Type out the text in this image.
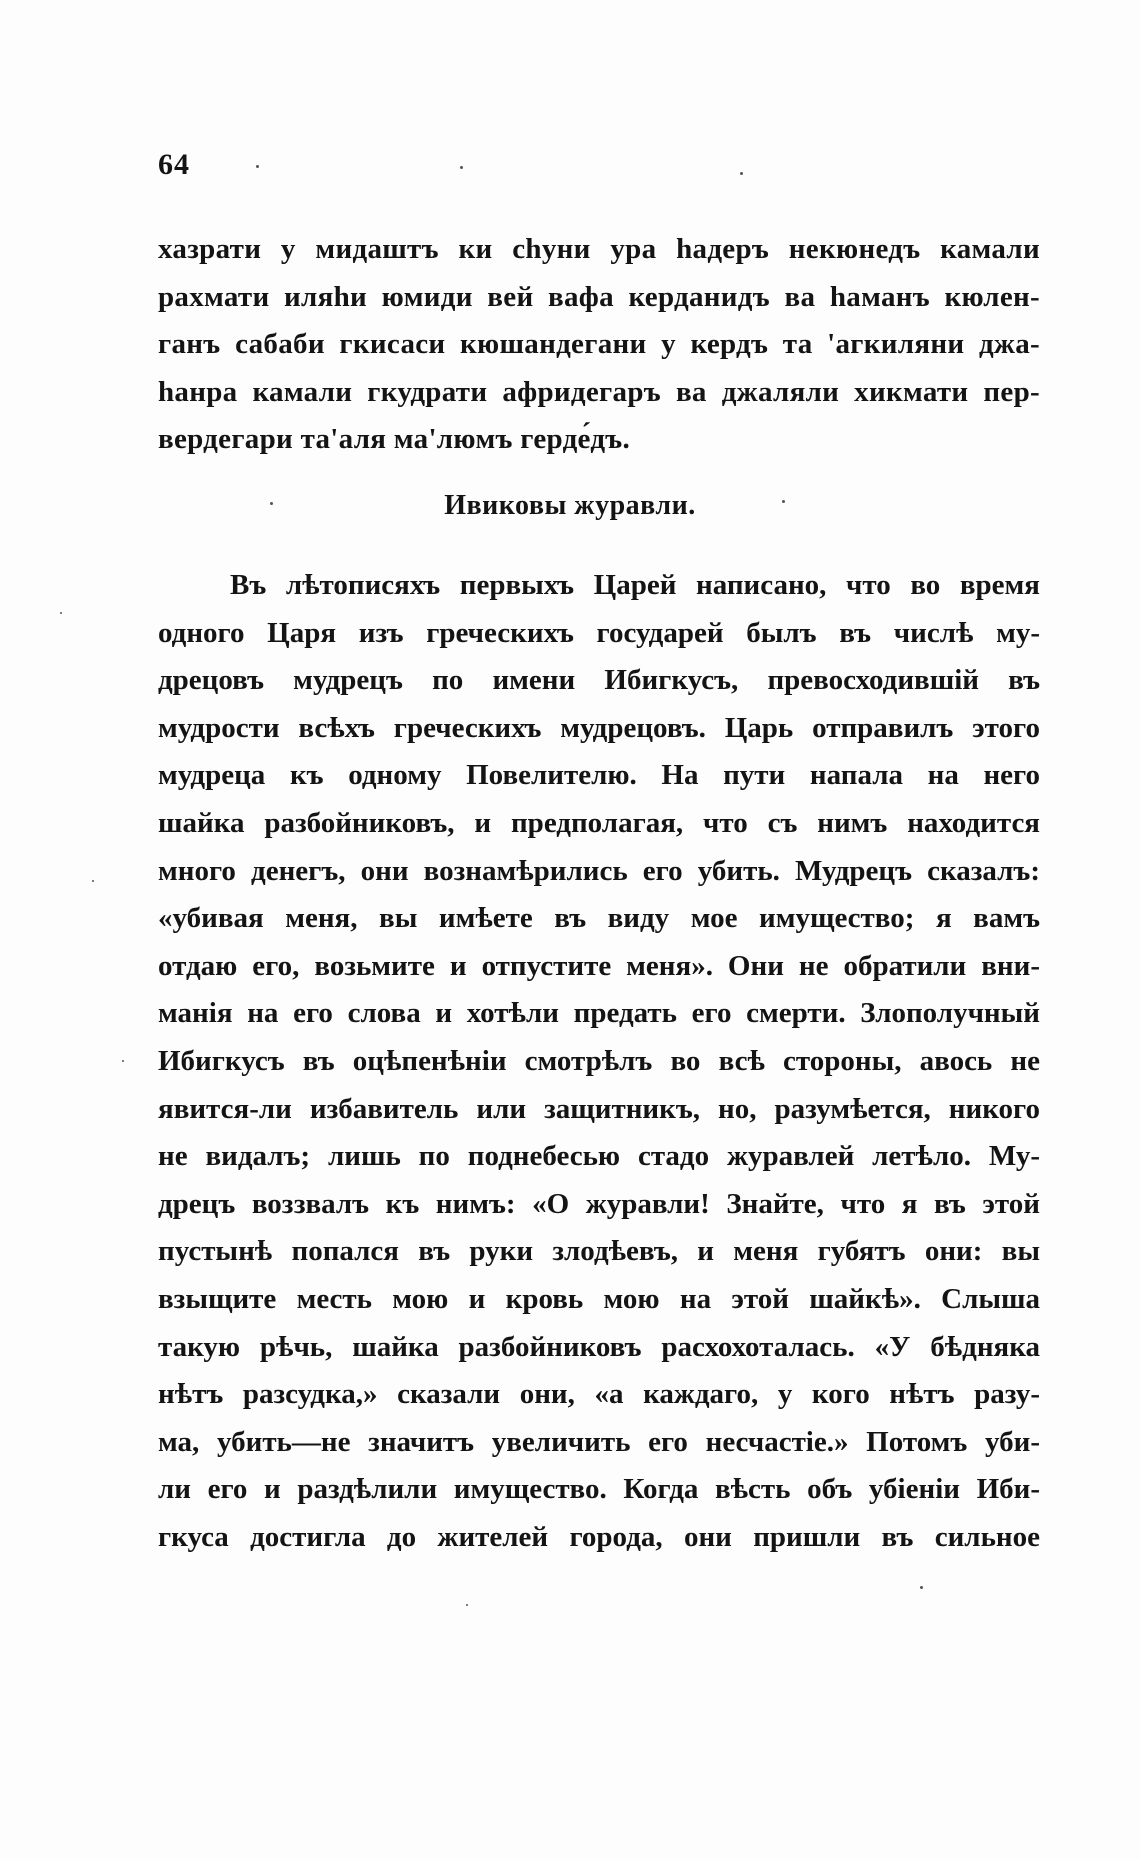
64
хазрати у мидаштъ ки сhуни ура hадеръ некюнедъ камали
рахмати иляhи юмиди вей вафа керданидъ ва hаманъ кюлен-
ганъ сабаби гкисаси кюшандегани у кердъ та 'агкиляни джа-
hанра камали гкудрати афридегаръ ва джаляли хикмати пер-
вердегари та'аля ма'люмъ герде́дъ.
Ивиковы журавли.
Въ лѣтописяхъ первыхъ Царей написано, что во время
одного Царя изъ греческихъ государей былъ въ числѣ му-
дрецовъ мудрецъ по имени Ибигкусъ, превосходившiй въ
мудрости всѣхъ греческихъ мудрецовъ. Царь отправилъ этого
мудреца къ одному Повелителю. На пути напала на него
шайка разбойниковъ, и предполагая, что съ нимъ находится
много денегъ, они вознамѣрились его убить. Мудрецъ сказалъ:
«убивая меня, вы имѣете въ виду мое имущество; я вамъ
отдаю его, возьмите и отпустите меня». Они не обратили вни-
манiя на его слова и хотѣли предать его смерти. Злополучный
Ибигкусъ въ оцѣпенѣнiи смотрѣлъ во всѣ стороны, авось не
явится-ли избавитель или защитникъ, но, разумѣется, никого
не видалъ; лишь по поднебесью стадо журавлей летѣло. Му-
дрецъ воззвалъ къ нимъ: «О журавли! Знайте, что я въ этой
пустынѣ попался въ руки злодѣевъ, и меня губятъ они: вы
взыщите месть мою и кровь мою на этой шайкѣ». Слыша
такую рѣчь, шайка разбойниковъ расхохоталась. «У бѣдняка
нѣтъ разсудка,» сказали они, «а каждаго, у кого нѣтъ разу-
ма, убить—не значитъ увеличить его несчастiе.» Потомъ уби-
ли его и раздѣлили имущество. Когда вѣсть объ убiенiи Иби-
гкуса достигла до жителей города, они пришли въ сильное
